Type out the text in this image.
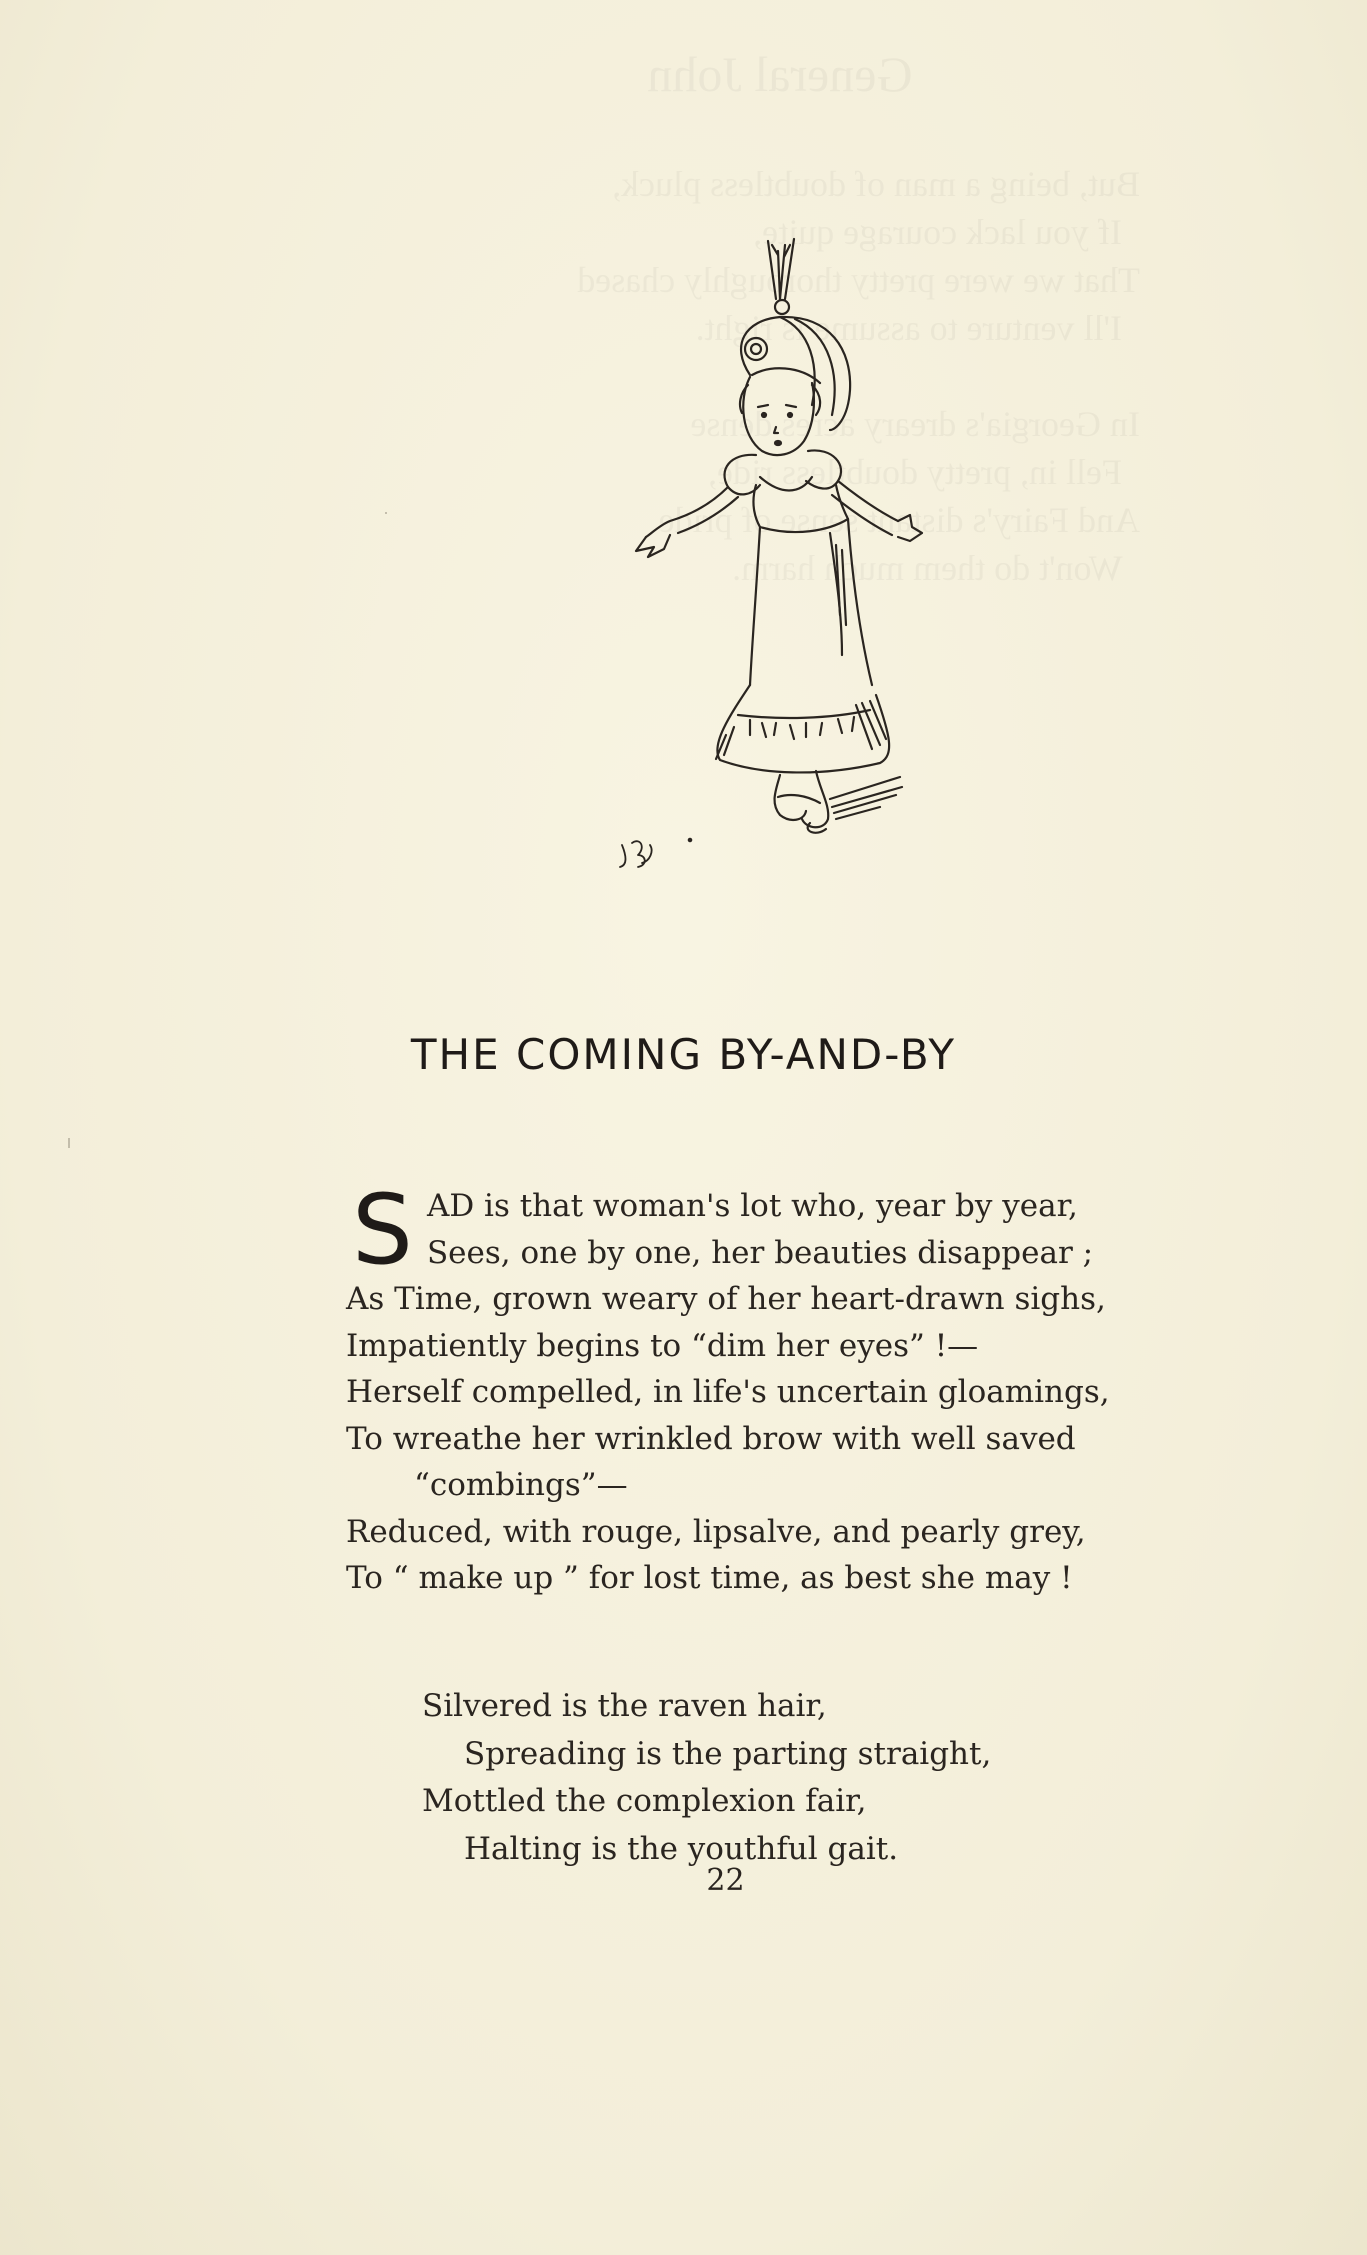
THE COMING BY-AND-BY
S AD is that woman's lot who, year by year,
Sees, one by one, her beauties disappear ;
As Time, grown weary of her heart-drawn sighs,
Impatiently begins to “dim her eyes” !—
Herself compelled, in life's uncertain gloamings,
To wreathe her wrinkled brow with well saved
“combings”—
Reduced, with rouge, lipsalve, and pearly grey,
To “ make up ” for lost time, as best she may !
Silvered is the raven hair,
Spreading is the parting straight,
Mottled the complexion fair,
Halting is the youthful gait.
22
